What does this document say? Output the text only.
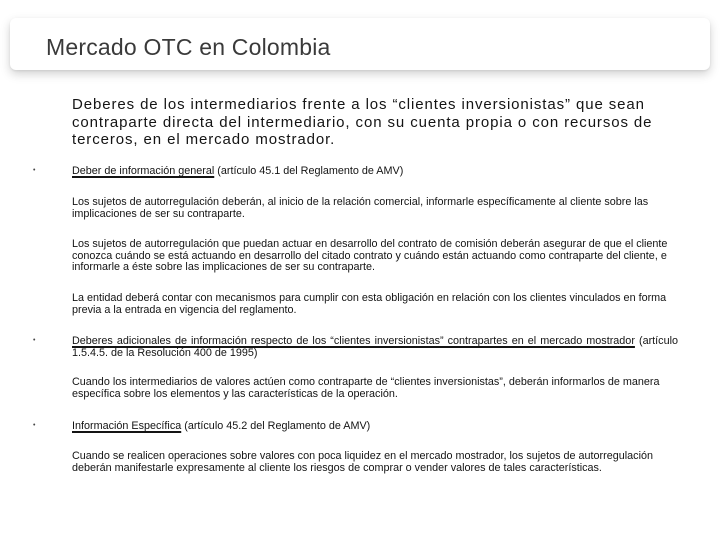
Mercado OTC en Colombia
Deberes de los intermediarios frente a los “clientes inversionistas” que sean contraparte directa del intermediario, con su cuenta propia o con recursos de terceros, en el mercado mostrador.
•	Deber de información general (artículo 45.1 del Reglamento de AMV)
Los sujetos de autorregulación deberán, al inicio de la relación comercial, informarle específicamente al cliente sobre las implicaciones de ser su contraparte.
Los sujetos de autorregulación que puedan actuar en desarrollo del contrato de comisión deberán asegurar de que el cliente conozca cuándo se está actuando en desarrollo del citado contrato y cuándo están actuando como contraparte del cliente, e informarle a éste sobre las implicaciones de ser su contraparte.
La entidad deberá contar con mecanismos para cumplir con esta obligación en relación con los clientes vinculados en forma previa a la entrada en vigencia del reglamento.
•	Deberes adicionales de información respecto de los “clientes inversionistas” contrapartes en el mercado mostrador (artículo 1.5.4.5. de la Resolución 400 de 1995)
Cuando los intermediarios de valores actúen como contraparte de “clientes inversionistas”, deberán informarlos de manera específica sobre los elementos y las características de la operación.
•	Información Específica (artículo 45.2 del Reglamento de AMV)
Cuando se realicen operaciones sobre valores con poca liquidez en el mercado mostrador, los sujetos de autorregulación deberán manifestarle expresamente al cliente los riesgos de comprar o vender valores de tales características.
